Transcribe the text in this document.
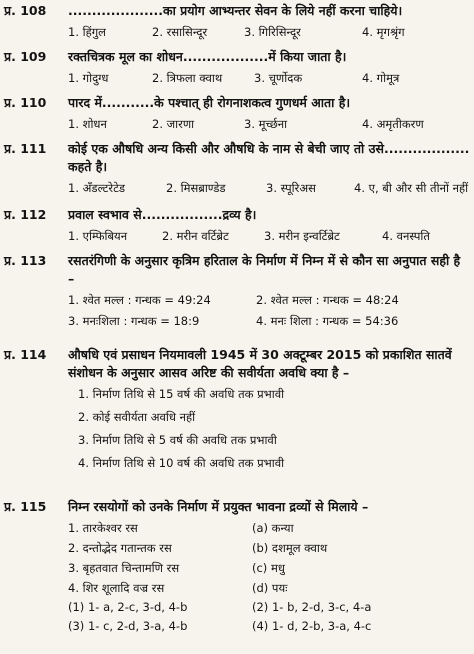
प्र. 108	....................का प्रयोग आभ्यन्तर सेवन के लिये नहीं करना चाहिये।
1. हिंगुल	2. रसासिन्दूर	3. गिरिसिन्दूर	4. मृगश्रृंग
प्र. 109	रक्तचित्रक मूल का शोधन..................में किया जाता है।
1. गोदुग्ध	2. त्रिफला क्वाथ	3. चूर्णोदक	4. गोमूत्र
प्र. 110	पारद में...........के पश्चात् ही रोगनाशकत्व गुणधर्म आता है।
1. शोधन	2. जारणा	3. मूर्च्छना	4. अमृतीकरण
प्र. 111	कोई एक औषधि अन्य किसी और औषधि के नाम से बेची जाए तो उसे.................. कहते है।
1. अँडल्टरेटेड	2. मिसब्राण्डेड	3. स्पूरिअस	4. ए, बी और सी तीनों नहीं
प्र. 112	प्रवाल स्वभाव से.................द्रव्य है।
1. एम्फिबियन	2. मरीन वर्टिब्रेट	3. मरीन इन्वर्टिब्रेट	4. वनस्पति
प्र. 113	रसतरंगिणी के अनुसार कृत्रिम हरिताल के निर्माण में निम्न में से कौन सा अनुपात सही है –
1. श्वेत मल्ल : गन्धक = 49:24	2. श्वेत मल्ल : गन्धक = 48:24
3. मनःशिला : गन्धक = 18:9	4. मनः शिला : गन्धक = 54:36
प्र. 114	औषधि एवं प्रसाधन नियमावली 1945 में 30 अक्टूम्बर 2015 को प्रकाशित सातवें संशोधन के अनुसार आसव अरिष्ट की सवीर्यता अवधि क्या है –
1. निर्माण तिथि से 15 वर्ष की अवधि तक प्रभावी
2. कोई सवीर्यता अवधि नहीं
3. निर्माण तिथि से 5 वर्ष की अवधि तक प्रभावी
4. निर्माण तिथि से 10 वर्ष की अवधि तक प्रभावी
प्र. 115	निम्न रसयोगों को उनके निर्माण में प्रयुक्त भावना द्रव्यों से मिलाये –
1. तारकेश्वर रस	(a) कन्या
2. दन्तोद्भेद गतान्तक रस	(b) दशमूल क्वाथ
3. बृहतवात चिन्तामणि रस	(c) मधु
4. शिर शूलादि वज्र रस	(d) पयः
(1) 1- a, 2-c, 3-d, 4-b	(2) 1- b, 2-d, 3-c, 4-a
(3) 1- c, 2-d, 3-a, 4-b	(4) 1- d, 2-b, 3-a, 4-c
